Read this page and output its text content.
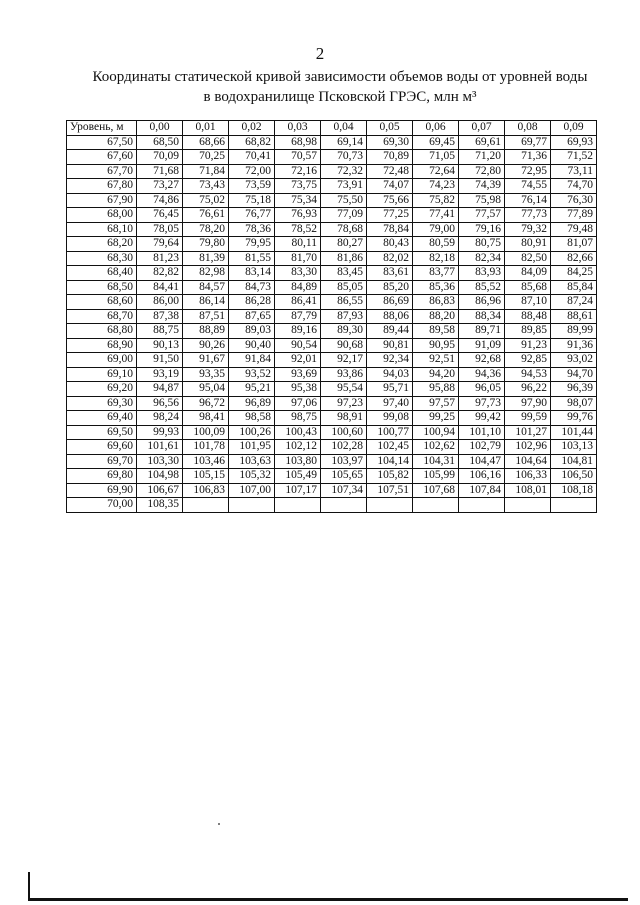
2
Координаты статической кривой зависимости объемов воды от уровней воды
в водохранилище Псковской ГРЭС, млн м³
Уровень, м	0,00	0,01	0,02	0,03	0,04	0,05	0,06	0,07	0,08	0,09
67,50	68,50	68,66	68,82	68,98	69,14	69,30	69,45	69,61	69,77	69,93
67,60	70,09	70,25	70,41	70,57	70,73	70,89	71,05	71,20	71,36	71,52
67,70	71,68	71,84	72,00	72,16	72,32	72,48	72,64	72,80	72,95	73,11
67,80	73,27	73,43	73,59	73,75	73,91	74,07	74,23	74,39	74,55	74,70
67,90	74,86	75,02	75,18	75,34	75,50	75,66	75,82	75,98	76,14	76,30
68,00	76,45	76,61	76,77	76,93	77,09	77,25	77,41	77,57	77,73	77,89
68,10	78,05	78,20	78,36	78,52	78,68	78,84	79,00	79,16	79,32	79,48
68,20	79,64	79,80	79,95	80,11	80,27	80,43	80,59	80,75	80,91	81,07
68,30	81,23	81,39	81,55	81,70	81,86	82,02	82,18	82,34	82,50	82,66
68,40	82,82	82,98	83,14	83,30	83,45	83,61	83,77	83,93	84,09	84,25
68,50	84,41	84,57	84,73	84,89	85,05	85,20	85,36	85,52	85,68	85,84
68,60	86,00	86,14	86,28	86,41	86,55	86,69	86,83	86,96	87,10	87,24
68,70	87,38	87,51	87,65	87,79	87,93	88,06	88,20	88,34	88,48	88,61
68,80	88,75	88,89	89,03	89,16	89,30	89,44	89,58	89,71	89,85	89,99
68,90	90,13	90,26	90,40	90,54	90,68	90,81	90,95	91,09	91,23	91,36
69,00	91,50	91,67	91,84	92,01	92,17	92,34	92,51	92,68	92,85	93,02
69,10	93,19	93,35	93,52	93,69	93,86	94,03	94,20	94,36	94,53	94,70
69,20	94,87	95,04	95,21	95,38	95,54	95,71	95,88	96,05	96,22	96,39
69,30	96,56	96,72	96,89	97,06	97,23	97,40	97,57	97,73	97,90	98,07
69,40	98,24	98,41	98,58	98,75	98,91	99,08	99,25	99,42	99,59	99,76
69,50	99,93	100,09	100,26	100,43	100,60	100,77	100,94	101,10	101,27	101,44
69,60	101,61	101,78	101,95	102,12	102,28	102,45	102,62	102,79	102,96	103,13
69,70	103,30	103,46	103,63	103,80	103,97	104,14	104,31	104,47	104,64	104,81
69,80	104,98	105,15	105,32	105,49	105,65	105,82	105,99	106,16	106,33	106,50
69,90	106,67	106,83	107,00	107,17	107,34	107,51	107,68	107,84	108,01	108,18
70,00	108,35									
